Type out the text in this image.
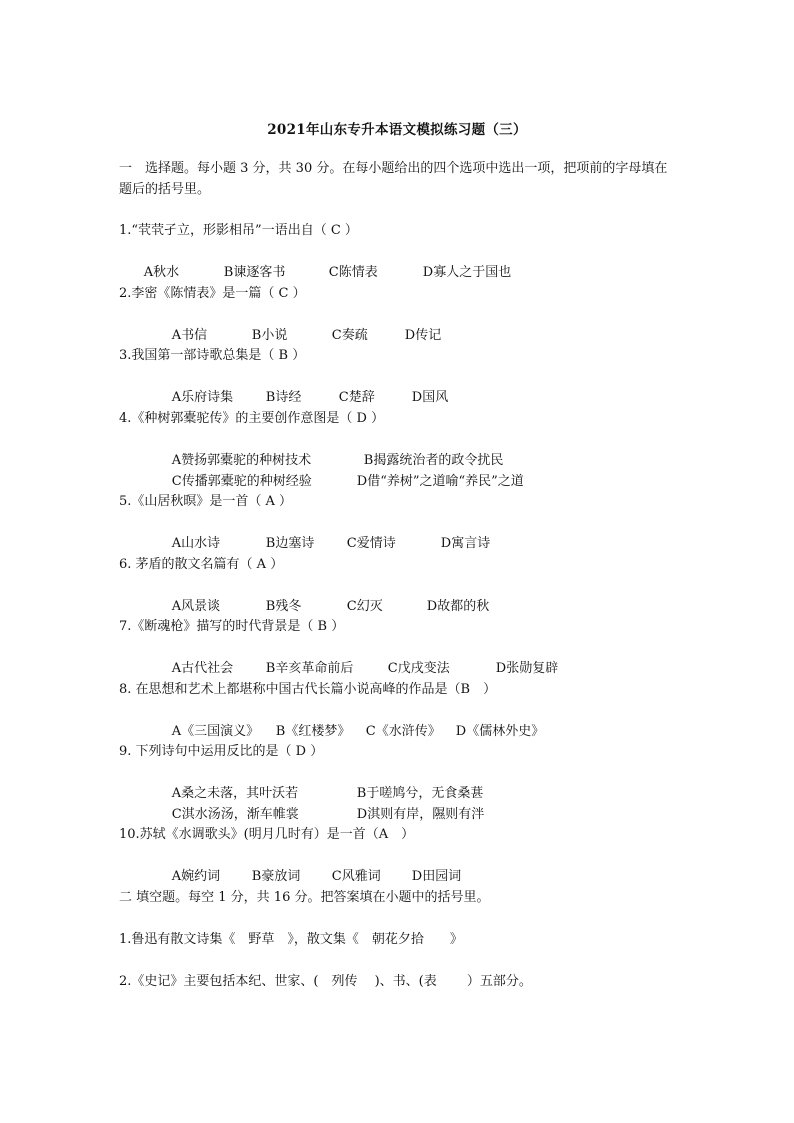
2021年山东专升本语文模拟练习题（三）
一　选择题。每小题 3 分，共 30 分。在每小题给出的四个选项中选出一项，把项前的字母填在题后的括号里。
1.“茕茕孑立，形影相吊”一语出自（ C ）

A秋水	B谏逐客书	C陈情表	D寡人之于国也

2.李密《陈情表》是一篇（ C ）

A书信	B小说	C奏疏	D传记

3.我国第一部诗歌总集是（ B ）

A乐府诗集	B诗经	C楚辞	D国风

4.《种树郭橐驼传》的主要创作意图是（ D ）

A赞扬郭橐驼的种树技术	B揭露统治者的政令扰民

C传播郭橐驼的种树经验	D借“养树”之道喻“养民”之道

5.《山居秋暝》是一首（ A ）

A山水诗	B边塞诗 C爱情诗	D寓言诗

6. 茅盾的散文名篇有（ A ）

A风景谈	B残冬	C幻灭	D故都的秋

7.《断魂枪》描写的时代背景是（ B ）

A古代社会	B辛亥革命前后	C戊戌变法	D张勋复辟

8. 在思想和艺术上都堪称中国古代长篇小说高峰的作品是（B　）

A《三国演义》 B《红楼梦》 C《水浒传》 D《儒林外史》

9. 下列诗句中运用反比的是（ D ）

A桑之未落，其叶沃若	B于嗟鸠兮，无食桑葚

C淇水汤汤，渐车帷裳	D淇则有岸，隰则有泮

10.苏轼《水调歌头》(明月几时有）是一首（A　）

A婉约词 B豪放词 C风雅词 D田园词

二 填空题。每空 1 分，共 16 分。把答案填在小题中的括号里。
1.鲁迅有散文诗集《　野草　》，散文集《　朝花夕拾　　》
2.《史记》主要包括本纪、世家、(　列传　 )、书、(表　　 ）五部分。
